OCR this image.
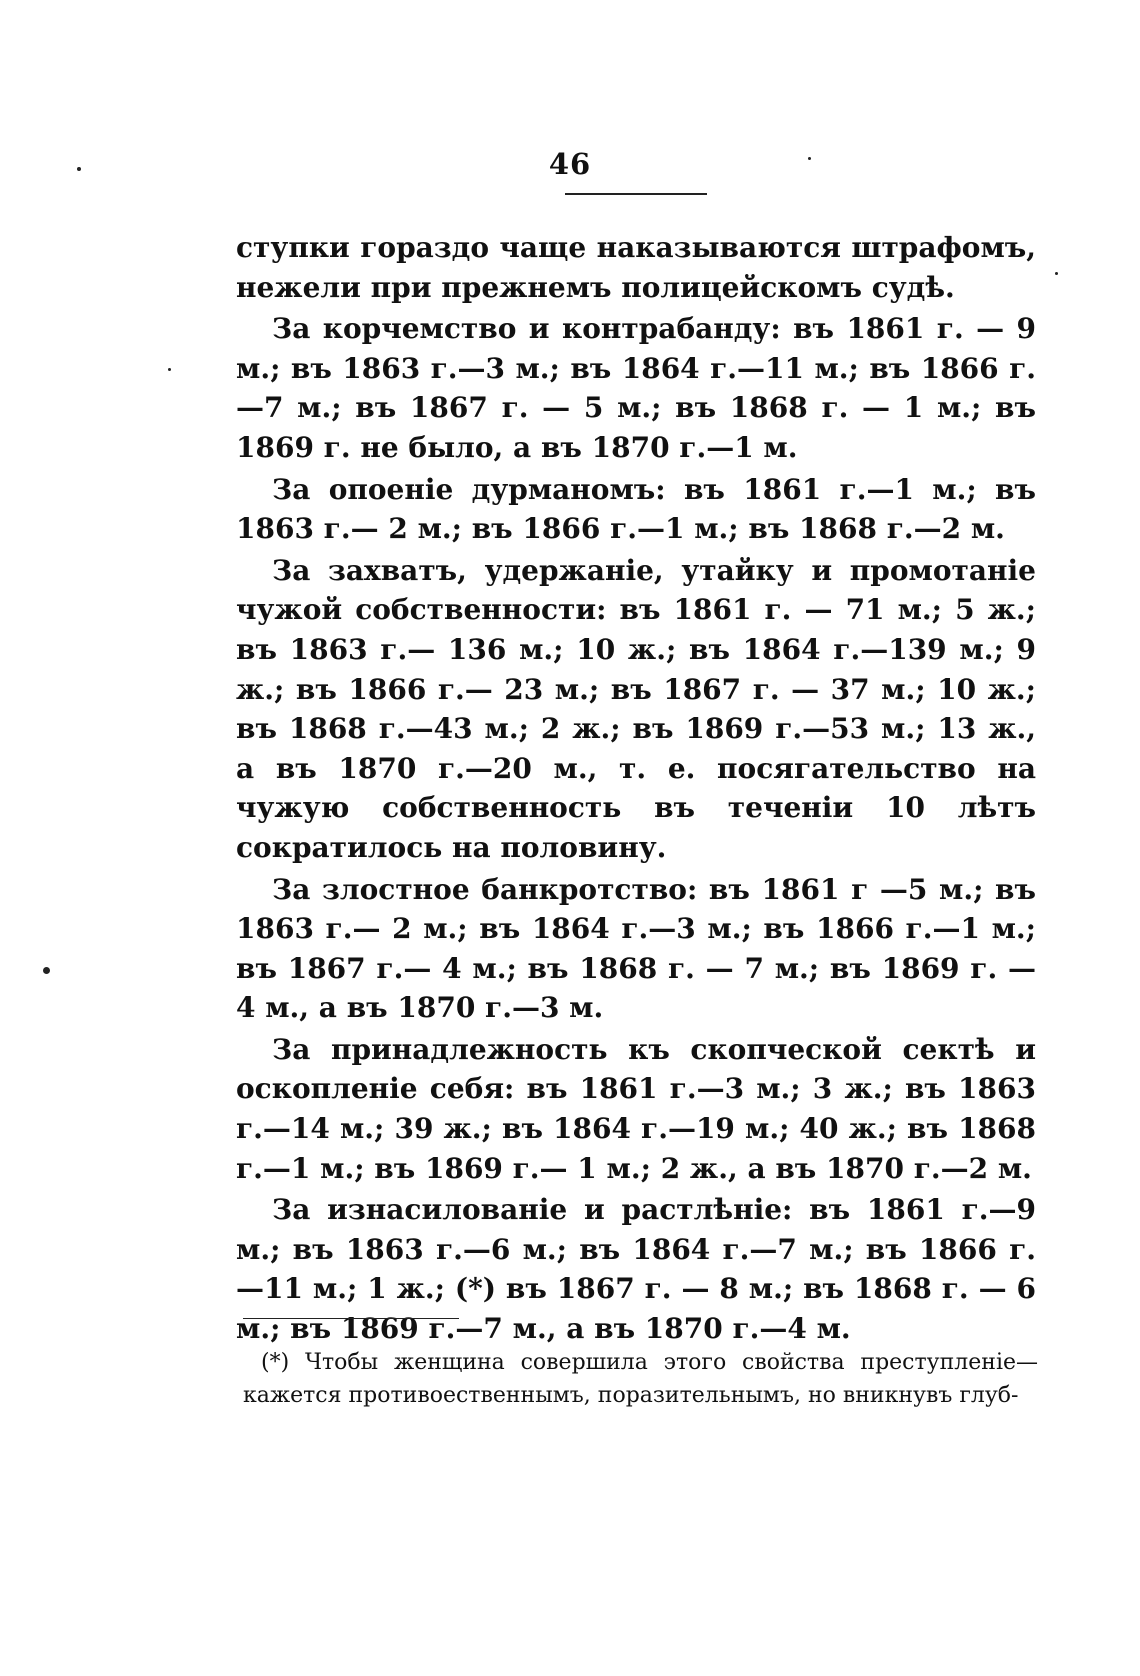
46

ступки гораздо чаще наказываются штрафомъ, нежели при прежнемъ полицейскомъ судѣ.

За корчемство и контрабанду: въ 1861 г. — 9 м.; въ 1863 г.—3 м.; въ 1864 г.—11 м.; въ 1866 г.—7 м.; въ 1867 г. — 5 м.; въ 1868 г. — 1 м.; въ 1869 г. не было, а въ 1870 г.—1 м.

За опоеніе дурманомъ: въ 1861 г.—1 м.; въ 1863 г.— 2 м.; въ 1866 г.—1 м.; въ 1868 г.—2 м.

За захватъ, удержаніе, утайку и промотаніе чужой собственности: въ 1861 г. — 71 м.; 5 ж.; въ 1863 г.— 136 м.; 10 ж.; въ 1864 г.—139 м.; 9 ж.; въ 1866 г.— 23 м.; въ 1867 г. — 37 м.; 10 ж.; въ 1868 г.—43 м.; 2 ж.; въ 1869 г.—53 м.; 13 ж., а въ 1870 г.—20 м., т. е. посягательство на чужую собственность въ теченіи 10 лѣтъ сократилось на половину.

За злостное банкротство: въ 1861 г —5 м.; въ 1863 г.— 2 м.; въ 1864 г.—3 м.; въ 1866 г.—1 м.; въ 1867 г.— 4 м.; въ 1868 г. — 7 м.; въ 1869 г. — 4 м., а въ 1870 г.—3 м.

За принадлежность къ скопческой сектѣ и оскопленіе себя: въ 1861 г.—3 м.; 3 ж.; въ 1863 г.—14 м.; 39 ж.; въ 1864 г.—19 м.; 40 ж.; въ 1868 г.—1 м.; въ 1869 г.— 1 м.; 2 ж., а въ 1870 г.—2 м.

За изнасилованіе и растлѣніе: въ 1861 г.—9 м.; въ 1863 г.—6 м.; въ 1864 г.—7 м.; въ 1866 г.—11 м.; 1 ж.; (*) въ 1867 г. — 8 м.; въ 1868 г. — 6 м.; въ 1869 г.—7 м., а въ 1870 г.—4 м.

(*) Чтобы женщина совершила этого свойства преступленіе— кажется противоественнымъ, поразительнымъ, но вникнувъ глуб-
